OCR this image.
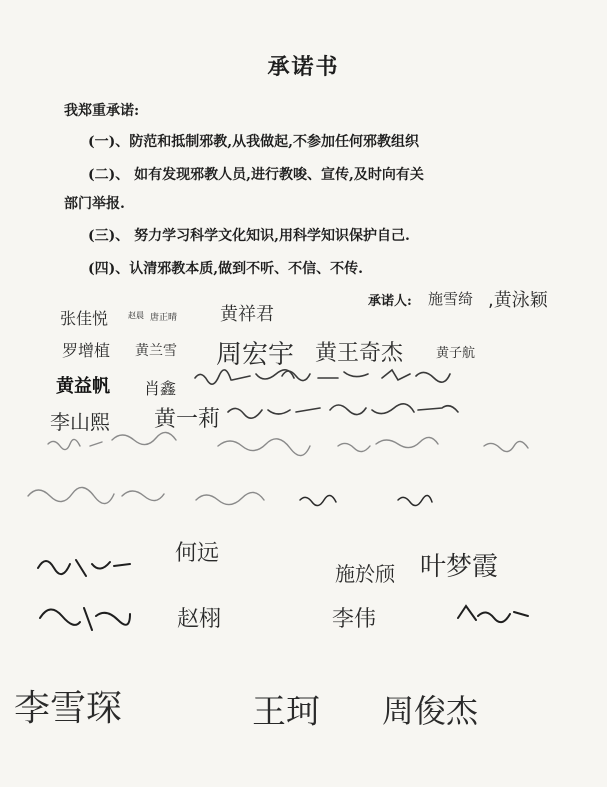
承诺书
我郑重承诺:
(一)、防范和抵制邪教,从我做起,不参加任何邪教组织
(二)、 如有发现邪教人员,进行教唆、宣传,及时向有关
部门举报.
(三)、 努力学习科学文化知识,用科学知识保护自己.
(四)、认清邪教本质,做到不听、不信、不传.
承诺人: 施雪绮 ,黄泳颖
张佳悦 赵晨 唐正晴 黄祥君
罗增植 黄兰雪 周宏宇 黄王奇杰	黄子航
黄益帆 肖鑫
李山熙 黄一莉
何远
施於颀 叶梦霞
赵栩	李伟
李雪琛	王珂 周俊杰
